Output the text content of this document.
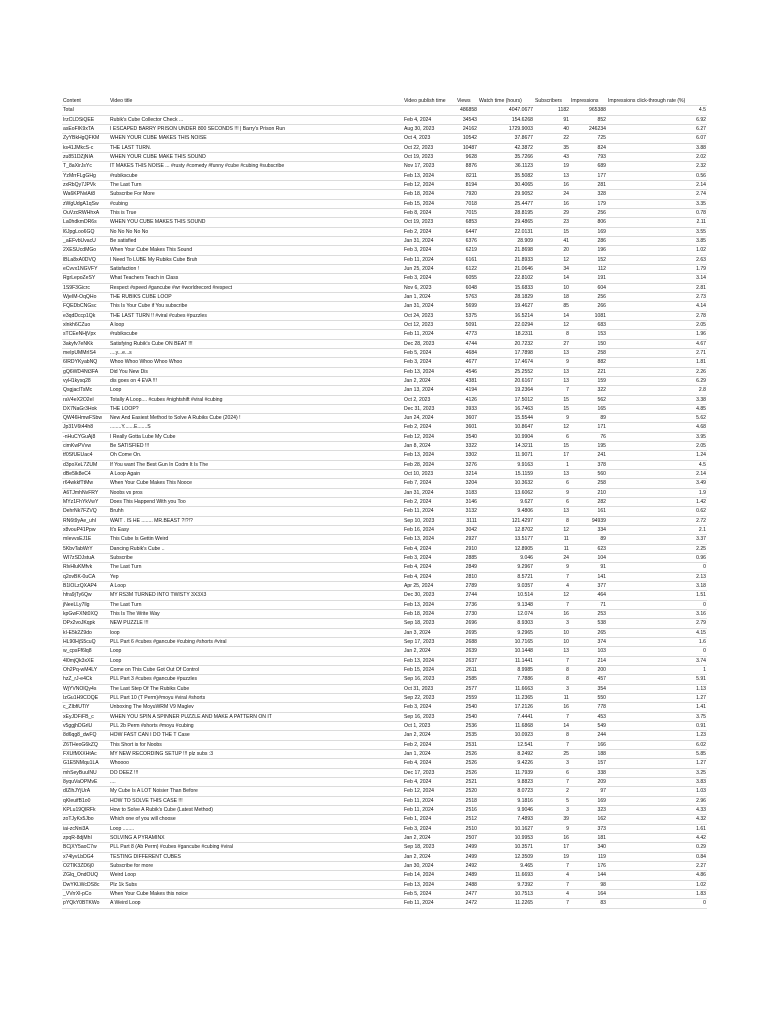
Content	Video title	Video publish time	Views	Watch time (hours)	Subscribers	Impressions	Impressions click-through rate (%)
Total			486858	4047.0677	1182	965388	4.5
IrzCLDSiQEE	Rubik's Cube Collector Check ...	Feb 4, 2024	34543	154.6268	91	852	6.92
asEoFIK9xTA	I ESCAPED BARRY PRISON UNDER 800 SECONDS !!! | Barry's Prison Run	Aug 30, 2023	24162	1729.9003	40	246234	6.27
ZyYBkHgQFKM	WHEN YOUR CUBE MAKES THIS NOISE	Oct 4, 2023	10542	37.8677	22	725	6.07
ks41JMkcS-c	THE LAST TURN.	Oct 22, 2023	10487	42.3872	35	824	3.88
zu851DZjNIA	WHEN YOUR CUBE MAKE THIS SOUND	Oct 19, 2023	9628	35.7266	43	793	2.02
T_8aXirJsYc	IT MAKES THIS NOISE ... #rusty #comedy #funny #cube #cubing #subscribe	Nov 17, 2023	8876	36.1123	19	689	2.32
YzMrrFLgGHg	#rubikscube	Feb 13, 2024	8211	35.5082	13	177	0.56
zxRbQy7JPVk	The Last Turn	Feb 12, 2024	8194	30.4065	16	281	2.14
Wa6KPNvlAt8	Subscribe For More	Feb 18, 2024	7920	29.9052	24	328	2.74
zWgUdgA1qSw	#cubing	Feb 15, 2024	7018	25.4477	16	179	3.35
OuVzcRWHhxA	This is True	Feb 8, 2024	7015	28.8195	29	256	0.78
La0hdkmDR6s	WHEN YOU CUBE MAKES THIS SOUND	Oct 19, 2023	6853	29.4865	23	806	2.11
l6JpgLoo6GQ	No No No No No	Feb 2, 2024	6447	22.0131	15	169	3.55
_aEFvbUvacU	Be satisfied	Jan 31, 2024	6376	28.909	41	286	3.85
2XESUcdMGo	When Your Cube Makes This Sound	Feb 3, 2024	6219	21.8698	20	196	1.02
lBLa8xA0DVQ	I Need To LUBE My Rubiks Cube Bruh	Feb 11, 2024	6161	21.8933	12	152	2.63
eCvvx1NGVFY	Satisfaction !	Jun 25, 2024	6122	21.0646	34	112	1.79
RgrLepoZeSY	What Teachers Teach in Class	Feb 3, 2024	6055	22.8102	14	191	3.14
1S9F3Gicrc	Respect #speed #gancube #wr #worldrecord #respect	Nov 6, 2023	6048	15.6833	10	604	2.81
WjeIM-OqQHo	THE RUBIKS CUBE LOOP	Jan 1, 2024	5763	28.1829	18	256	2.73
FQEDbCNGsc	This Is Your Cube if You subscribe	Jan 31, 2024	5699	19.4627	85	266	4.14
e3qdDccp1Qk	THE LAST TURN !! #viral #cubes #puzzles	Oct 24, 2023	5375	16.5214	14	1081	2.78
xlnkh6CZuo	A loop	Oct 12, 2023	5091	22.0294	12	683	2.05
sTCEeNHjVpx	#rubikscube	Feb 11, 2024	4773	18.2311	8	153	1.96
3akyfv7eNKk	Satisfying Rubik's Cube ON BEAT !!!	Dec 28, 2023	4744	20.7232	27	150	4.67
meIpUMMrIS4	....y...e...s	Feb 5, 2024	4684	17.7898	13	258	2.71
6IRDYKyabNQ	Whoo Whoo Whoo Whoo Whoo	Feb 3, 2024	4677	17.4674	9	882	1.81
gQ6WD4Nt3FA	Did You New Dis	Feb 13, 2024	4546	25.2552	13	221	2.26
vyH1kysq28	dis goes on 4 EVA !!!	Jan 2, 2024	4381	20.6167	13	159	6.29
QsgjacITsMc	Loop	Jan 13, 2024	4194	19.2364	7	322	2.8
raV4eX2O2el	Totally A Loop.... #cubes #nightshift #viral #cubing	Oct 2, 2023	4126	17.5012	15	562	3.38
DX7NaGr3Hok	THE LOOP?	Dec 31, 2023	3933	16.7463	15	165	4.85
QW46HmwFSbw	New And Easiest Method to Solve A Rubiks Cube (2024) !	Jun 24, 2024	3607	15.5544	9	89	5.62
Jp31V6t44h8	........Y.......E.......S	Feb 2, 2024	3601	10.8647	12	171	4.68
-nHuCYGuAj8	I Really Gotta Lube My Cube	Feb 12, 2024	3540	10.9904	6	76	3.95
cimKwPVvw	Be SATISFIED !!!	Jan 8, 2024	3322	14.3211	15	195	2.05
tf0SfUEUac4	Oh Come On.	Feb 13, 2024	3302	11.9071	17	241	1.24
d3poXeL7ZUM	If You want The Best Gun In Codm It Is The	Feb 28, 2024	3276	9.9163	1	378	4.5
dBe5lk8eC4	A Loop Again	Oct 10, 2023	3214	15.1159	13	560	2.14
r64wkkfTtMw	When Your Cube Makes This Nooce	Feb 7, 2024	3204	10.3632	6	258	3.49
A6TJmhNvFRY	Noobs vs pros	Jan 31, 2024	3183	13.6062	9	210	1.9
MYz1FhYkVwY	Does This Happend With you Too	Feb 2, 2024	3146	9.627	6	282	1.42
DehrNk7FZVQ	Bruhh	Feb 11, 2024	3132	9.4806	13	161	0.62
RN6t9yAe_uhI	WAIT . IS HE ........ MR.BEAST ?!?!?	Sep 10, 2023	3111	121.4297	8	94939	2.72
x8vouP41Ppw	It's Easy	Feb 16, 2024	3042	12.8702	12	334	2.1
mIevvsEJ1E	This Cube Is Gettin Weird	Feb 13, 2024	2927	13.5177	11	89	3.37
5KbvTabWrY	Dancing Rubik's Cube ..	Feb 4, 2024	2910	12.8905	11	623	2.25
WI7zSDJstuA	Subscribe	Feb 3, 2024	2885	9.046	24	104	0.96
RlvHluKMfvk	The Last Turn	Feb 4, 2024	2849	9.2967	9	91	0
q2ovBK-0uCA	Yep	Feb 4, 2024	2810	8.5721	7	141	2.13
B1lOLzQXAP4	A Loop	Apr 25, 2024	2789	9.0357	4	377	3.18
hfra9jTy6Qw	MY RS3M TURNED INTO TWISTY 3X3X3	Dec 30, 2023	2744	10.514	12	464	1.51
jNeeLLy7llg	The Last Turn	Feb 13, 2024	2736	9.1348	7	71	0
kpGwFXNt0XQ	This Is The Write Way	Feb 18, 2024	2730	12.074	16	253	3.16
DPx2voJKqpk	NEW PUZZLE !!!	Sep 18, 2023	2696	8.9303	3	538	2.79
kI-E5k2Z9do	loop	Jan 3, 2024	2695	9.2965	10	265	4.15
HL90HjS5cuQ	PLL Part 6 #cubes #gancube #cubing #shorts #viral	Sep 17, 2023	2688	10.7165	10	374	1.6
w_cpsFf6lq8	Loop	Jan 2, 2024	2639	10.1448	13	103	0
4l0mjQk3xXE	Loop	Feb 13, 2024	2637	11.1441	7	214	3.74
Oh2Pq-wM4LY	Come on This Cube Got Out Of Control	Feb 15, 2024	2611	8.9985	8	200	1
hzZ_rJ-e4Ck	PLL Part 3 #cubes #gancube #puzzles	Sep 16, 2023	2585	7.7886	8	457	5.91
WjYVNOlQy4s	The Last Step Of The Rubiks Cube	Oct 31, 2023	2577	11.6663	3	354	1.13
IzGu1H9COQE	PLL Part 10 (T Perm)#moyu #viral #shorts	Sep 22, 2023	2559	11.2365	11	550	1.27
c_ZIbfiUTiY	Unboxing The MoyuWRM V9 Maglev	Feb 3, 2024	2540	17.2126	16	778	1.41
xEyJDFiFB_c	WHEN YOU SPIN A SPINNER PUZZLE AND MAKE A PATTERN ON IT	Sep 16, 2023	2540	7.4441	7	453	3.75
v5ggjhDGrlU	PLL 2b Perm #shorts #moyu #cubing	Oct 1, 2023	2536	11.6868	14	549	0.91
8d6qg8_dwFQ	HOW FAST CAN I DO THE T Case	Jan 2, 2024	2535	10.0923	8	244	1.23
Z6THeoG6kZQ	This Short is for Noobs	Feb 2, 2024	2531	12.541	7	166	6.02
FXUfMXXHtAc	MY NEW RECORDING SETUP !!! plz subs :3	Jan 1, 2024	2526	8.2492	25	188	5.85
G1E5NMqu1LA	Whoooo	Feb 4, 2024	2526	9.4226	3	157	1.27
mhSeyBuuINU	DO DEEZ !!!	Dec 17, 2023	2526	11.7939	6	338	3.25
8yquVaOPMvE	....	Feb 4, 2024	2521	9.8823	7	209	3.83
dIZlhJYjUrA	My Cube Is A LOT Noisier Than Before	Feb 12, 2024	2520	8.0723	2	97	1.03
qKleuifB1o0	HOW TO SOLVE THIS CASE !!!	Feb 11, 2024	2518	9.1816	5	169	2.96
KPLu19QlRFk	How to Solve A Rubik's Cube (Latest Method)	Feb 11, 2024	2516	9.9046	3	323	4.33
zoTJyKx5Jbo	Which one of you will choose	Feb 1, 2024	2512	7.4893	39	162	4.32
iai-zcNni3A	Loop ........	Feb 3, 2024	2510	10.1627	9	373	1.61
zpqR-8djMhI	SOLVING A PYRAMINX	Jan 2, 2024	2507	10.9953	16	181	4.42
BCjXY5aoC7w	PLL Part 8 (Ab Perm) #cubes #gancube #cubing #viral	Sep 18, 2023	2499	10.3571	17	340	0.29
x74lyvLbDG4	TESTING DIFFERENT CUBES	Jan 2, 2024	2499	12.3509	19	119	0.84
O2TlK3ZD6j0	Subscribe for more	Jan 30, 2024	2492	9.465	7	176	2.27
ZGlq_OndOUQ	Weird Loop	Feb 14, 2024	2489	11.6693	4	144	4.86
DwYKLWcDS8c	Plz 1k Subs	Feb 13, 2024	2488	9.7392	7	98	1.02
_VVrrXl-pCo	When Your Cube Makes this noice	Feb 5, 2024	2477	10.7513	4	164	1.83
pYQkY0BTKWo	A Weird Loop	Feb 11, 2024	2472	11.2265	7	83	0
